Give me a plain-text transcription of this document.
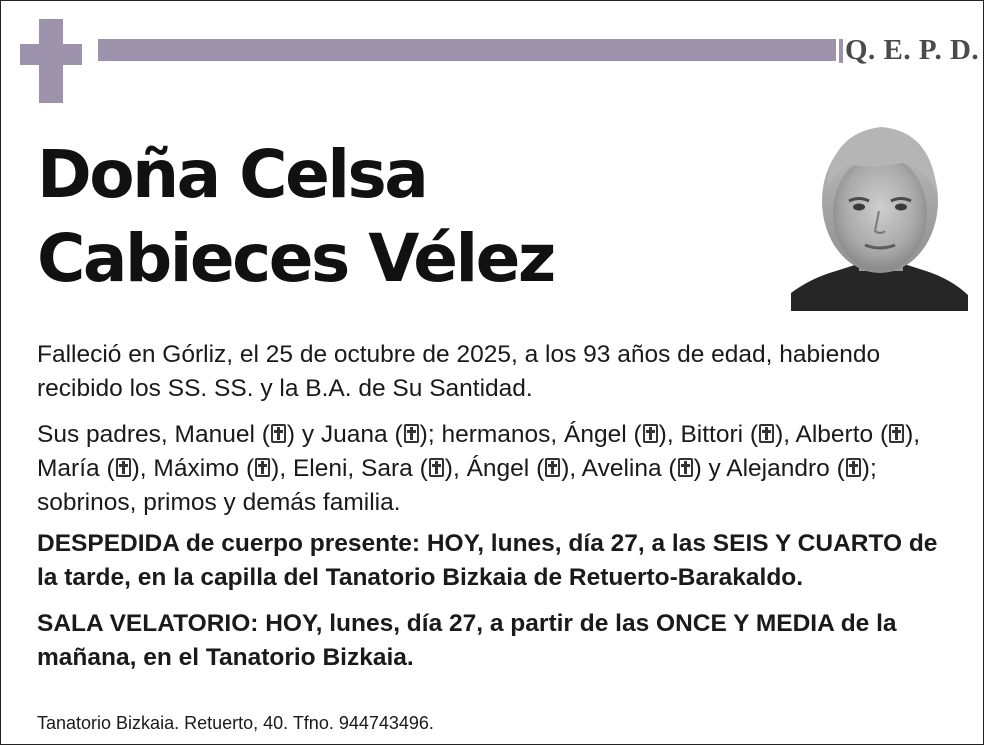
Q. E. P. D.
Doña Celsa
Cabieces Vélez

Falleció en Górliz, el 25 de octubre de 2025, a los 93 años de edad, habiendo recibido los SS. SS. y la B.A. de Su Santidad.

Sus padres, Manuel ( ) y Juana ( ); hermanos, Ángel ( ), Bittori ( ), Alberto ( ), María ( ), Máximo ( ), Eleni, Sara ( ), Ángel ( ), Avelina ( ) y Alejandro ( ); sobrinos, primos y demás familia.

DESPEDIDA de cuerpo presente: HOY, lunes, día 27, a las SEIS Y CUARTO de la tarde, en la capilla del Tanatorio Bizkaia de Retuerto-Barakaldo.

SALA VELATORIO: HOY, lunes, día 27, a partir de las ONCE Y MEDIA de la mañana, en el Tanatorio Bizkaia.

Tanatorio Bizkaia. Retuerto, 40. Tfno. 944743496.
